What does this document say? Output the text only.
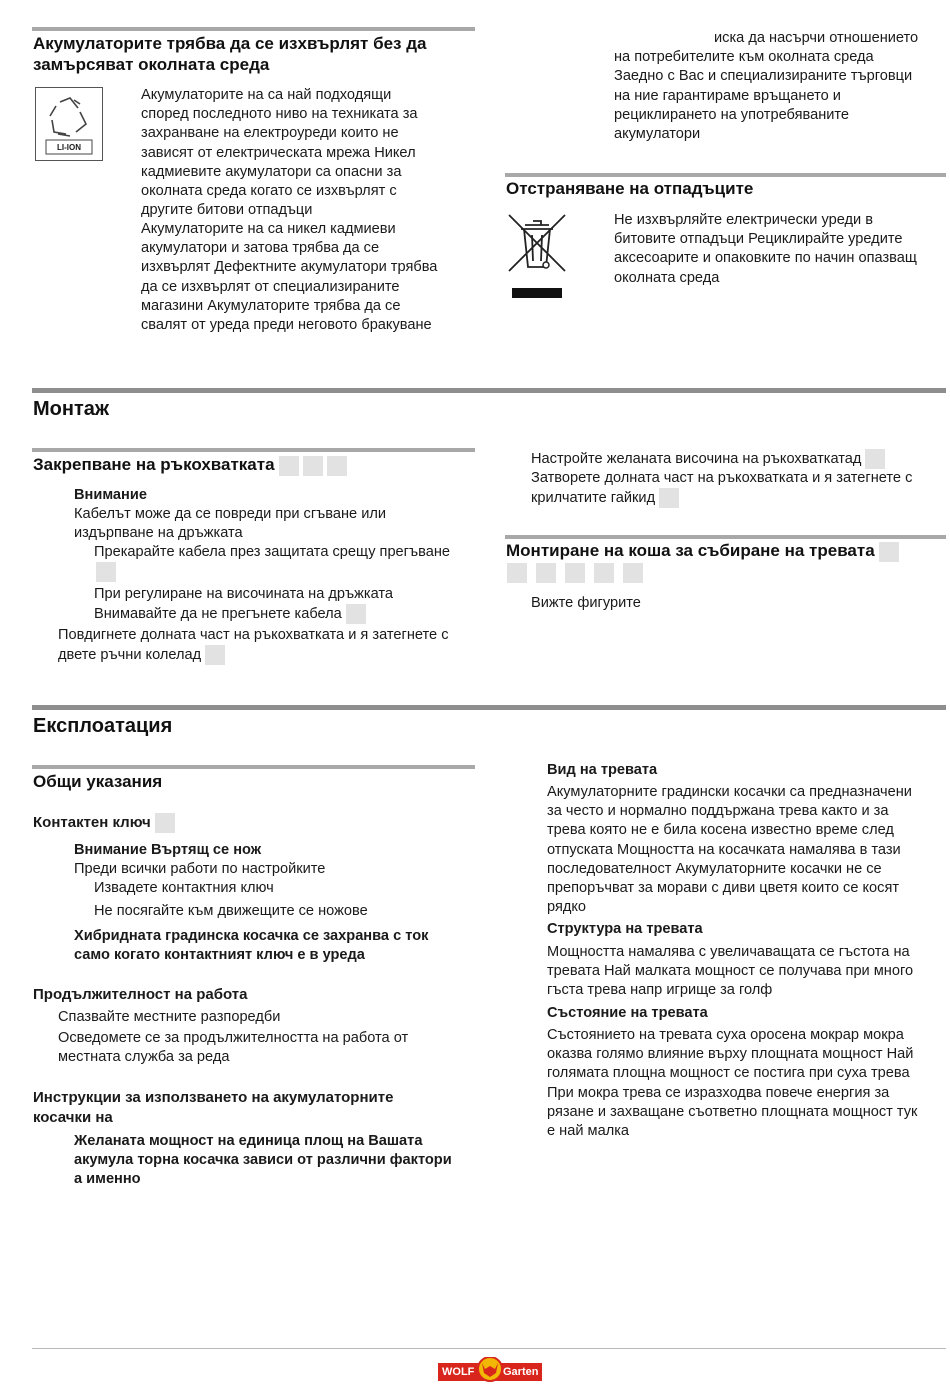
Акумулаторите трябва да се изхвърлят без да
замърсяват околната среда
LI-ION
Акумулаторите на са най подходящи
според последното ниво на техниката за
захранване на електроуреди които не
зависят от електрическата мрежа Никел
кадмиевите акумулатори са опасни за
околната среда когато се изхвърлят с
другите битови отпадъци
Акумулаторите на са никел кадмиеви
акумулатори и затова трябва да се
изхвърлят Дефектните акумулатори трябва
да се изхвърлят от специализираните
магазини Акумулаторите трябва да се
свалят от уреда преди неговото бракуване
иска да насърчи отношението
на потребителите към околната среда
Заедно с Вас и специализираните търговци
на ние гарантираме връщането и
рециклирането на употребяваните
акумулатори
Отстраняване на отпадъците
Не изхвърляйте електрически уреди в
битовите отпадъци Рециклирайте уредите
аксесоарите и опаковките по начин опазващ
околната среда
Монтаж
Закрепване на ръкохватката
Внимание
Кабелът може да се повреди при сгъване или
издърпване на дръжката
Прекарайте кабела през защитата срещу прегъване
При регулиране на височината на дръжката
Внимавайте да не прегънете кабела
Повдигнете долната част на ръкохватката и я затегнете с
двете ръчни колелад
Настройте желаната височина на ръкохваткатад
Затворете долната част на ръкохватката и я затегнете с
крилчатите гайкид
Монтиране на коша за събиране на тревата
Вижте фигурите
Експлоатация
Общи указания
Контактен ключ
Внимание Въртящ се нож
Преди всички работи по настройките
Извадете контактния ключ
Не посягайте към движещите се ножове
Хибридната градинска косачка се захранва с ток
само когато контактният ключ е в уреда
Продължителност на работа
Спазвайте местните разпоредби
Осведомете се за продължителността на работа от
местната служба за реда
Инструкции за използването на акумулаторните
косачки на
Желаната мощност на единица площ на Вашата
акумула торна косачка зависи от различни фактори
а именно
Вид на тревата
Акумулаторните градински косачки са предназначени
за често и нормално поддържана трева както и за
трева която не е била косена известно време след
отпуската Мощността на косачката намалява в тази
последователност Акумулаторните косачки не се
препоръчват за морави с диви цветя които се косят
рядко
Структура на тревата
Мощността намалява с увеличаващата се гъстота на
тревата Най малката мощност се получава при много
гъста трева напр игрище за голф
Състояние на тревата
Състоянието на тревата суха оросена мокрар мокра
оказва голямо влияние върху площната мощност Най
голямата площна мощност се постига при суха трева
При мокра трева се изразходва повече енергия за
рязане и захващане съответно площната мощност тук
е най малка
WOLF	Garten
